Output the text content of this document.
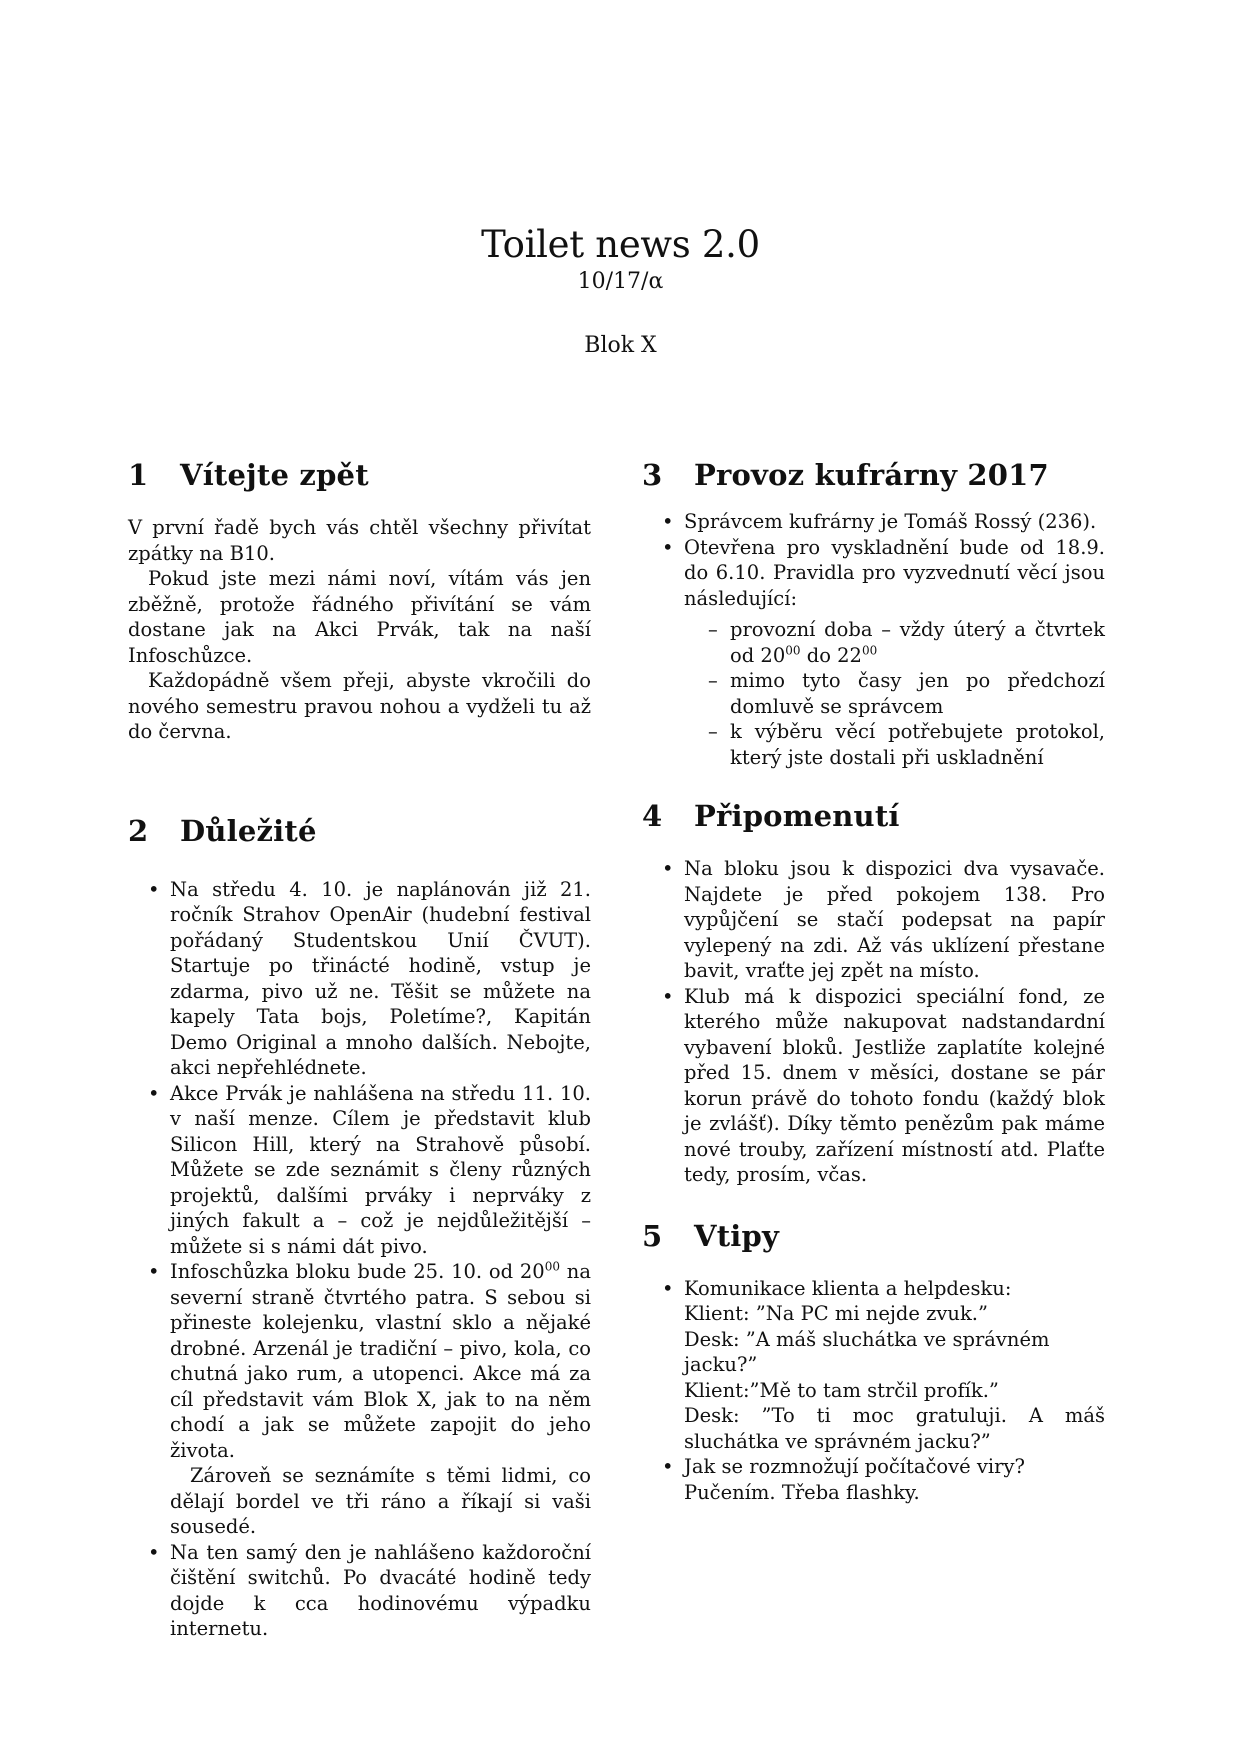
Toilet news 2.0
10/17/α
Blok X
1 Vítejte zpět

V první řadě bych vás chtěl všechny přivítat zpátky na B10.

Pokud jste mezi námi noví, vítám vás jen zběžně, protože řádného přivítání se vám dostane jak na Akci Prvák, tak na naší Infoschůzce.

Každopádně všem přeji, abyste vkročili do nového semestru pravou nohou a vydželi tu až do června.

2 Důležité
• Na středu 4. 10. je naplánován již 21. ročník Strahov OpenAir (hudební festival pořádaný Studentskou Unií ČVUT). Startuje po třinácté hodině, vstup je zdarma, pivo už ne. Těšit se můžete na kapely Tata bojs, Poletíme?, Kapitán Demo Original a mnoho dalších. Nebojte, akci nepřehlédnete.
• Akce Prvák je nahlášena na středu 11. 10. v naší menze. Cílem je představit klub Silicon Hill, který na Strahově působí. Můžete se zde seznámit s členy různých projektů, dalšími prváky i neprváky z jiných fakult a – což je nejdůležitější – můžete si s námi dát pivo.
• Infoschůzka bloku bude 25. 10. od $20^{00}$ na severní straně čtvrtého patra. S sebou si přineste kolejenku, vlastní sklo a nějaké drobné. Arzenál je tradiční – pivo, kola, co chutná jako rum, a utopenci. Akce má za cíl představit vám Blok X, jak to na něm chodí a jak se můžete zapojit do jeho života.
Zároveň se seznámíte s těmi lidmi, co dělají bordel ve tři ráno a říkají si vaši sousedé.
• Na ten samý den je nahlášeno každoroční čištění switchů. Po dvacáté hodině tedy dojde k cca hodinovému výpadku internetu.
3 Provoz kufrárny 2017
• Správcem kufrárny je Tomáš Rossý (236).
• Otevřena pro vyskladnění bude od 18.9. do 6.10. Pravidla pro vyzvednutí věcí jsou následující:
– provozní doba – vždy úterý a čtvrtek od $20^{00}$ do $22^{00}$
– mimo tyto časy jen po předchozí domluvě se správcem
– k výběru věcí potřebujete protokol, který jste dostali při uskladnění
4 Připomenutí
• Na bloku jsou k dispozici dva vysavače. Najdete je před pokojem 138. Pro vypůjčení se stačí podepsat na papír vylepený na zdi. Až vás uklízení přestane bavit, vraťte jej zpět na místo.
• Klub má k dispozici speciální fond, ze kterého může nakupovat nadstandardní vybavení bloků. Jestliže zaplatíte kolejné před 15. dnem v měsíci, dostane se pár korun právě do tohoto fondu (každý blok je zvlášť). Díky těmto penězům pak máme nové trouby, zařízení místností atd. Plaťte tedy, prosím, včas.
5 Vtipy
• Komunikace klienta a helpdesku:
Klient: ”Na PC mi nejde zvuk.”
Desk: ”A máš sluchátka ve správném jacku?”
Klient:”Mě to tam strčil profík.”
Desk: ”To ti moc gratuluji. A máš sluchátka ve správném jacku?”
• Jak se rozmnožují počítačové viry?
Pučením. Třeba flashky.
